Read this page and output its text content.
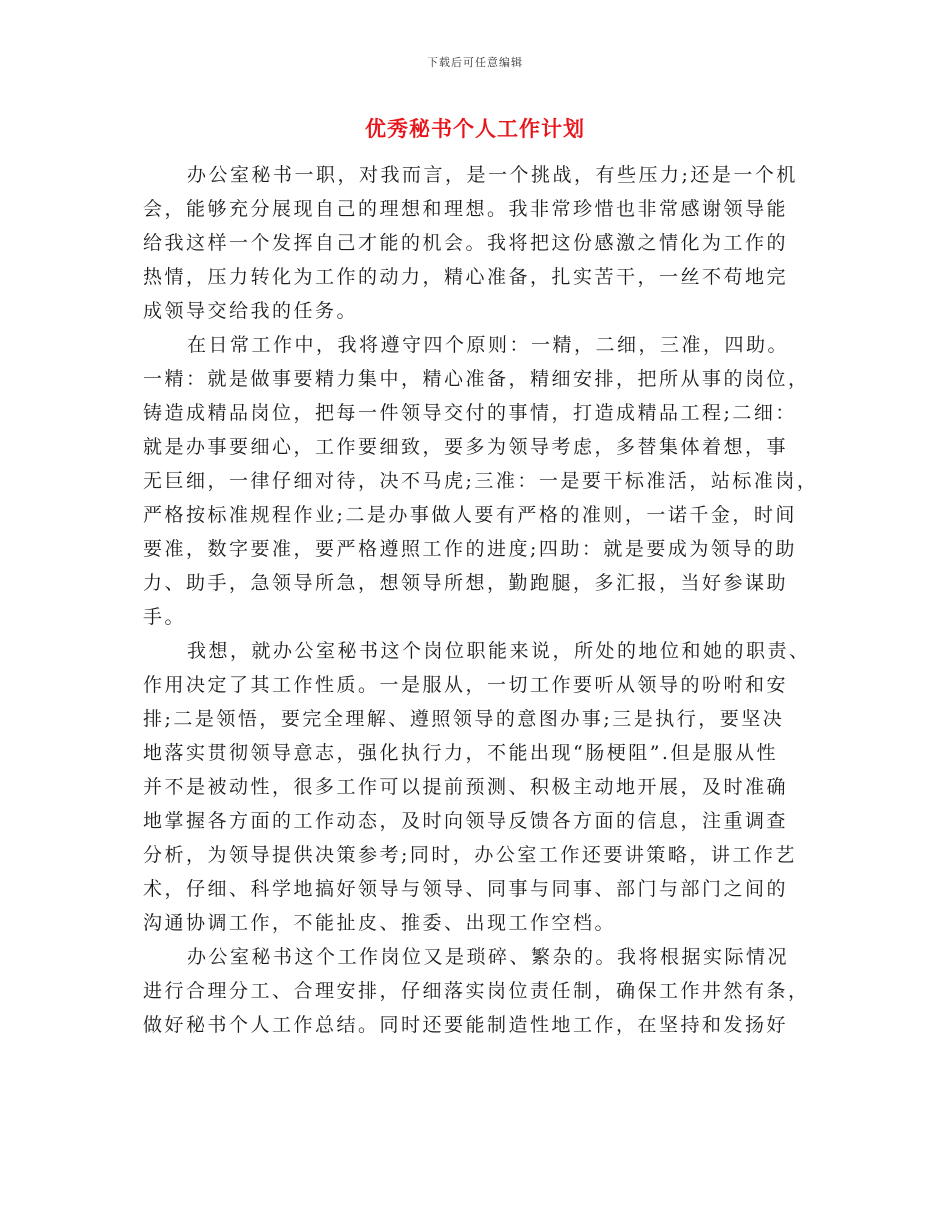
下载后可任意编辑
优秀秘书个人工作计划

办公室秘书一职，对我而言，是一个挑战，有些压力;还是一个机
会，能够充分展现自己的理想和理想。我非常珍惜也非常感谢领导能
给我这样一个发挥自己才能的机会。我将把这份感激之情化为工作的
热情，压力转化为工作的动力，精心准备，扎实苦干，一丝不苟地完
成领导交给我的任务。

在日常工作中，我将遵守四个原则：一精，二细，三准，四助。
一精：就是做事要精力集中，精心准备，精细安排，把所从事的岗位，
铸造成精品岗位，把每一件领导交付的事情，打造成精品工程;二细：
就是办事要细心，工作要细致，要多为领导考虑，多替集体着想，事
无巨细，一律仔细对待，决不马虎;三准：一是要干标准活，站标准岗，
严格按标准规程作业;二是办事做人要有严格的准则，一诺千金，时间
要准，数字要准，要严格遵照工作的进度;四助：就是要成为领导的助
力、助手，急领导所急，想领导所想，勤跑腿，多汇报，当好参谋助
手。

我想，就办公室秘书这个岗位职能来说，所处的地位和她的职责、
作用决定了其工作性质。一是服从，一切工作要听从领导的吩咐和安
排;二是领悟，要完全理解、遵照领导的意图办事;三是执行，要坚决
地落实贯彻领导意志，强化执行力，不能出现“肠梗阻”.但是服从性
并不是被动性，很多工作可以提前预测、积极主动地开展，及时准确
地掌握各方面的工作动态，及时向领导反馈各方面的信息，注重调查
分析，为领导提供决策参考;同时，办公室工作还要讲策略，讲工作艺
术，仔细、科学地搞好领导与领导、同事与同事、部门与部门之间的
沟通协调工作，不能扯皮、推委、出现工作空档。

办公室秘书这个工作岗位又是琐碎、繁杂的。我将根据实际情况
进行合理分工、合理安排，仔细落实岗位责任制，确保工作井然有条，
做好秘书个人工作总结。同时还要能制造性地工作，在坚持和发扬好
